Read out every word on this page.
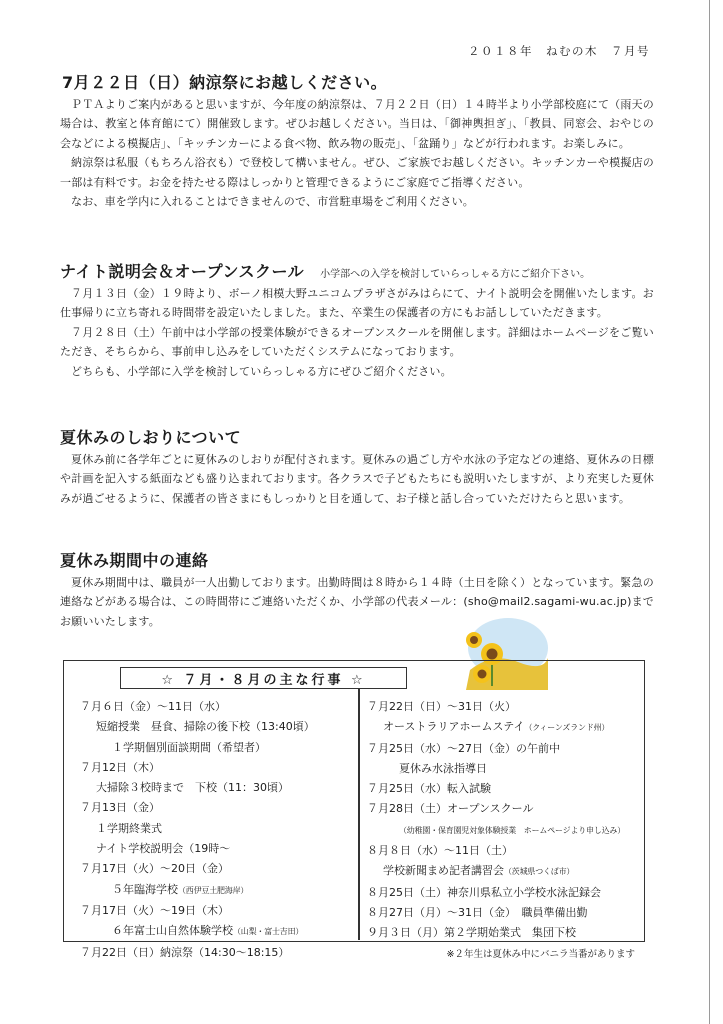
２０１８年　ねむの木　７月号
7月２２日（日）納涼祭にお越しください。

ＰＴＡよりご案内があると思いますが、今年度の納涼祭は、７月２２日（日）１４時半より小学部校庭にて（雨天の場合は、教室と体育館にて）開催致します。ぜひお越しください。当日は、「御神輿担ぎ」、「教員、同窓会、おやじの会などによる模擬店」、「キッチンカーによる食べ物、飲み物の販売」、「盆踊り」などが行われます。お楽しみに。

納涼祭は私服（もちろん浴衣も）で登校して構いません。ぜひ、ご家族でお越しください。キッチンカーや模擬店の一部は有料です。お金を持たせる際はしっかりと管理できるようにご家庭でご指導ください。

なお、車を学内に入れることはできませんので、市営駐車場をご利用ください。

ナイト説明会＆オープンスクール 小学部への入学を検討していらっしゃる方にご紹介下さい。

７月１３日（金）１９時より、ボーノ相模大野ユニコムプラザさがみはらにて、ナイト説明会を開催いたします。お仕事帰りに立ち寄れる時間帯を設定いたしました。また、卒業生の保護者の方にもお話ししていただきます。

７月２８日（土）午前中は小学部の授業体験ができるオープンスクールを開催します。詳細はホームページをご覧いただき、そちらから、事前申し込みをしていただくシステムになっております。

どちらも、小学部に入学を検討していらっしゃる方にぜひご紹介ください。

夏休みのしおりについて

夏休み前に各学年ごとに夏休みのしおりが配付されます。夏休みの過ごし方や水泳の予定などの連絡、夏休みの日標や計画を記入する紙面なども盛り込まれております。各クラスで子どもたちにも説明いたしますが、より充実した夏休みが過ごせるように、保護者の皆さまにもしっかりと目を通して、お子様と話し合っていただけたらと思います。

夏休み期間中の連絡

夏休み期間中は、職員が一人出勤しております。出勤時間は８時から１４時（土日を除く）となっています。緊急の連絡などがある場合は、この時間帯にご連絡いただくか、小学部の代表メール：(sho@mail2.sagami-wu.ac.jp)までお願いいたします。

☆ ７月・８月の主な行事 ☆
７月６日（金）～11日（水）
短縮授業　昼食、掃除の後下校（13:40頃）
１学期個別面談期間（希望者）
７月12日（木）
大掃除３校時まで　下校（11：30頃）
７月13日（金）
１学期終業式
ナイト学校説明会（19時～
７月17日（火）～20日（金）
５年臨海学校（西伊豆土肥海岸）
７月17日（火）～19日（木）
６年富士山自然体験学校（山梨・富士吉田）
７月22日（日）納涼祭（14:30～18:15）
７月22日（日）～31日（火）
オーストラリアホームステイ（クィーンズランド州）
７月25日（水）～27日（金）の午前中
夏休み水泳指導日
７月25日（水）転入試験
７月28日（土）オープンスクール
（幼稚園・保育園児対象体験授業　ホームページより申し込み）
８月８日（水）～11日（土）
学校新聞まめ記者講習会（茨城県つくば市）
８月25日（土）神奈川県私立小学校水泳記録会
８月27日（月）～31日（金）　職員準備出勤
９月３日（月）第２学期始業式　集団下校
※２年生は夏休み中にバニラ当番があります
